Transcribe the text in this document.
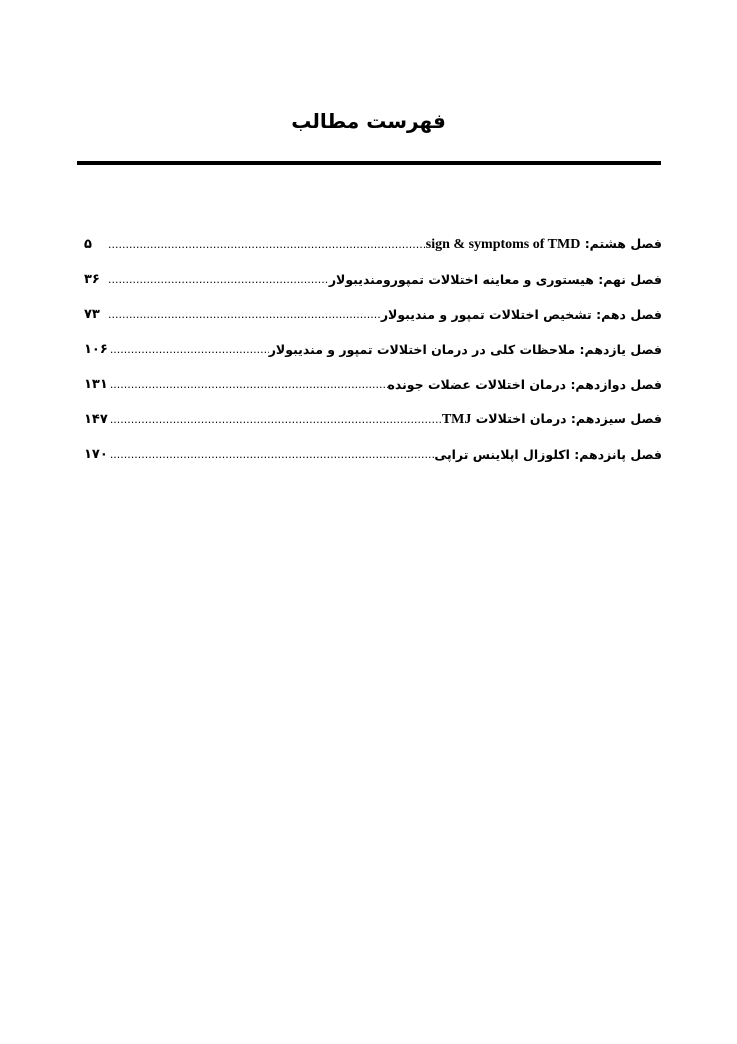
فهرست مطالب
۵ .....	فصل هشتم: sign & symptoms of TMD
۳۶ .....	فصل نهم: هیستوری و معاینه اختلالات تمپورومندیبولار
۷۳ .....	فصل دهم: تشخیص اختلالات تمپور و مندیبولار
۱۰۶ .....	فصل یازدهم: ملاحظات کلی در درمان اختلالات تمپور و مندیبولار
۱۳۱ .....	فصل دوازدهم: درمان اختلالات عضلات جونده
۱۴۷ .....	فصل سیزدهم: درمان اختلالات TMJ
۱۷۰ .....	فصل پانزدهم: اکلوزال اپلاینس تراپی
